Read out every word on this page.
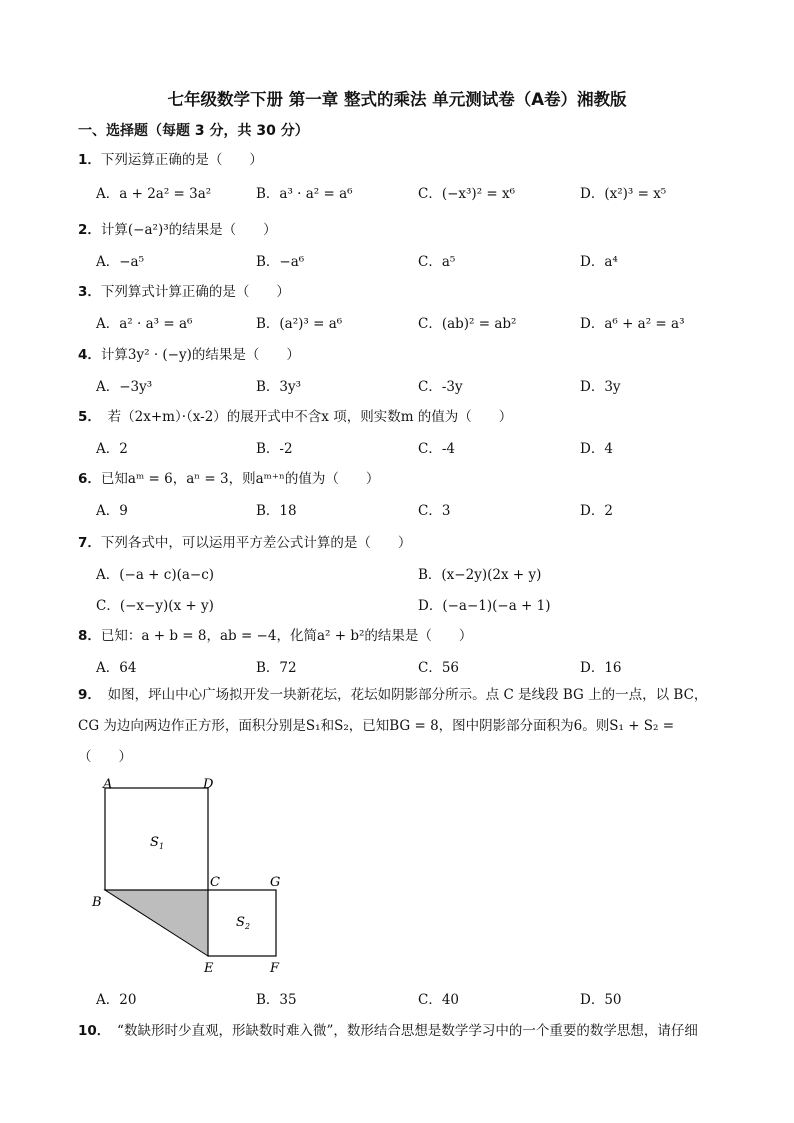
七年级数学下册 第一章 整式的乘法 单元测试卷（A卷）湘教版
一、选择题（每题 3 分，共 30 分）
1．下列运算正确的是（　　）
A．a + 2a² = 3a²	B．a³ · a² = a⁶	C．(−x³)² = x⁶	D．(x²)³ = x⁵
2．计算(−a²)³的结果是（　　）
A．−a⁵	B．−a⁶	C．a⁵	D．a⁴
3．下列算式计算正确的是（　　）
A．a² · a³ = a⁶	B．(a²)³ = a⁶	C．(ab)² = ab²	D．a⁶ + a² = a³
4．计算3y² · (−y)的结果是（　　）
A．−3y³	B．3y³	C．-3y	D．3y
5．　若（2x+m）·（x-2）的展开式中不含x 项，则实数m 的值为（　　）
A．2	B．-2	C．-4	D．4
6．已知aᵐ = 6，aⁿ = 3，则aᵐ⁺ⁿ的值为（　　）
A．9	B．18	C．3	D．2
7．下列各式中，可以运用平方差公式计算的是（　　）
A．(−a + c)(a−c)	B．(x−2y)(2x + y)
C．(−x−y)(x + y)	D．(−a−1)(−a + 1)
8．已知：a + b = 8，ab = −4，化简a² + b²的结果是（　　）
A．64	B．72	C．56	D．16
9．　如图，坪山中心广场拟开发一块新花坛，花坛如阴影部分所示。点 C 是线段 BG 上的一点，以 BC，
CG 为边向两边作正方形，面积分别是S₁和S₂，已知BG = 8，图中阴影部分面积为6。则S₁ + S₂ =
（　　）
A	D
B
C	G
E	F
S 1
S 2
A．20	B．35	C．40	D．50
10．　“数缺形时少直观，形缺数时难入微”，数形结合思想是数学学习中的一个重要的数学思想，请仔细
